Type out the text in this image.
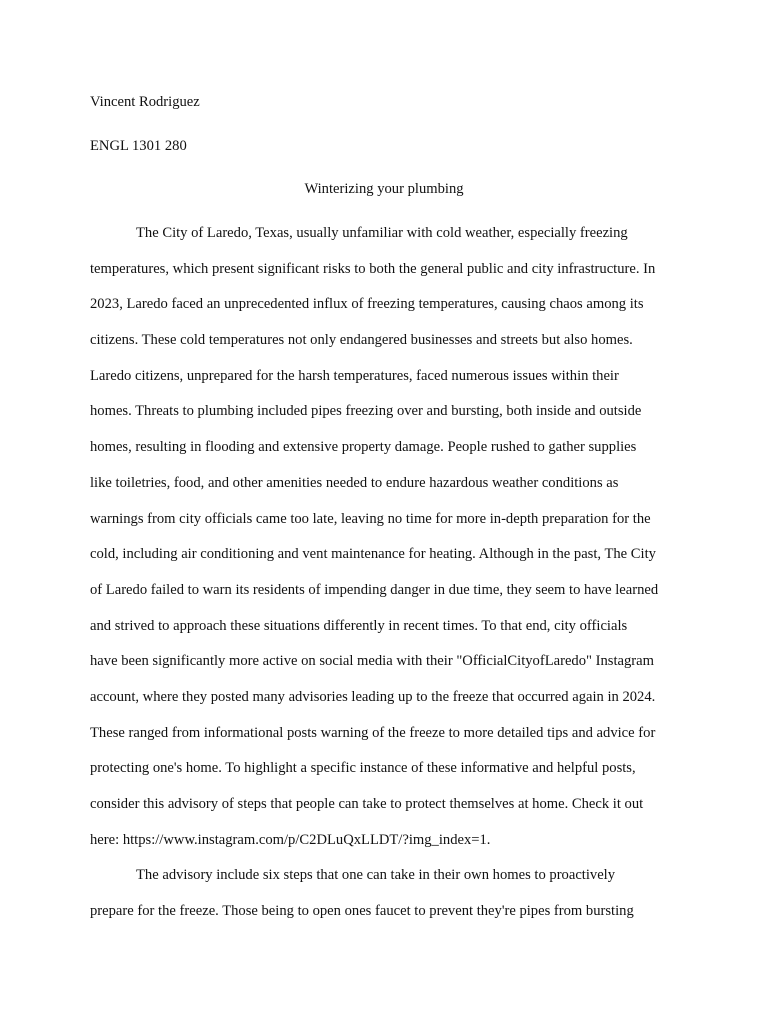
Vincent Rodriguez
ENGL 1301 280
Winterizing your plumbing
The City of Laredo, Texas, usually unfamiliar with cold weather, especially freezing
temperatures, which present significant risks to both the general public and city infrastructure. In
2023, Laredo faced an unprecedented influx of freezing temperatures, causing chaos among its
citizens. These cold temperatures not only endangered businesses and streets but also homes.
Laredo citizens, unprepared for the harsh temperatures, faced numerous issues within their
homes. Threats to plumbing included pipes freezing over and bursting, both inside and outside
homes, resulting in flooding and extensive property damage. People rushed to gather supplies
like toiletries, food, and other amenities needed to endure hazardous weather conditions as
warnings from city officials came too late, leaving no time for more in-depth preparation for the
cold, including air conditioning and vent maintenance for heating. Although in the past, The City
of Laredo failed to warn its residents of impending danger in due time, they seem to have learned
and strived to approach these situations differently in recent times. To that end, city officials
have been significantly more active on social media with their "OfficialCityofLaredo" Instagram
account, where they posted many advisories leading up to the freeze that occurred again in 2024.
These ranged from informational posts warning of the freeze to more detailed tips and advice for
protecting one's home. To highlight a specific instance of these informative and helpful posts,
consider this advisory of steps that people can take to protect themselves at home. Check it out
here: https://www.instagram.com/p/C2DLuQxLLDT/?img_index=1.
The advisory include six steps that one can take in their own homes to proactively
prepare for the freeze. Those being to open ones faucet to prevent they're pipes from bursting
